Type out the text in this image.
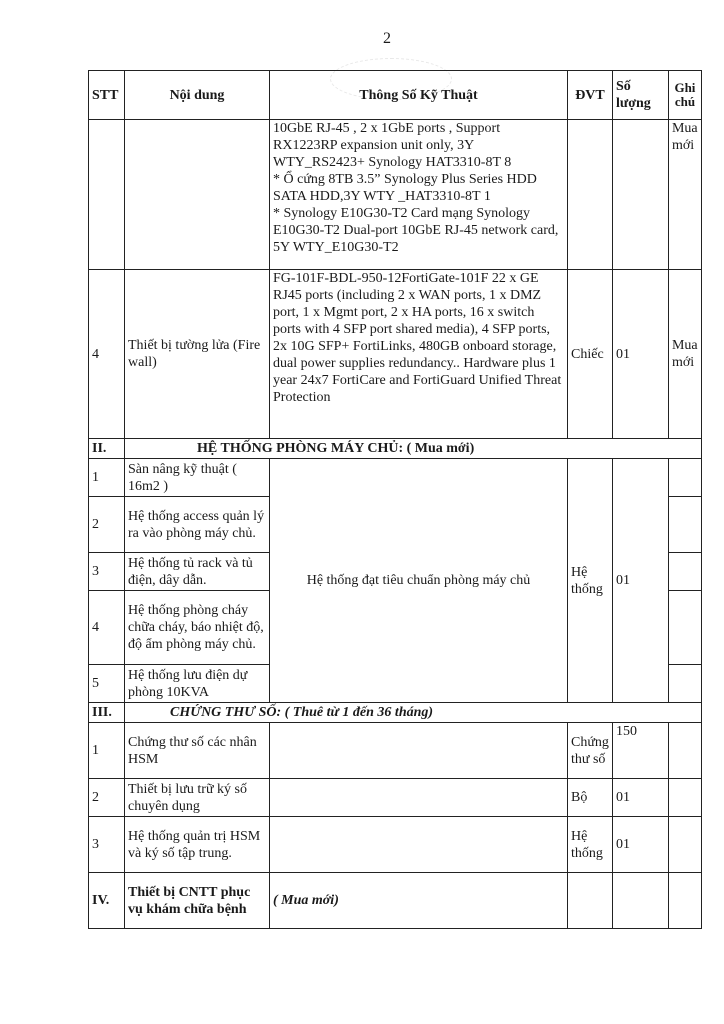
2
STT	Nội dung	Thông Số Kỹ Thuật	ĐVT	Số lượng	Ghi chú
		10GbE RJ-45 , 2 x 1GbE ports , Support RX1223RP expansion unit only, 3Y WTY_RS2423+ Synology HAT3310-8T 8
* Ổ cứng 8TB 3.5” Synology Plus Series HDD SATA HDD,3Y WTY _HAT3310-8T 1
* Synology E10G30-T2 Card mạng Synology E10G30-T2 Dual-port 10GbE RJ-45 network card, 5Y WTY_E10G30-T2			Mua mới
4	Thiết bị tường lửa (Fire wall)	FG-101F-BDL-950-12FortiGate-101F 22 x GE RJ45 ports (including 2 x WAN ports, 1 x DMZ port, 1 x Mgmt port, 2 x HA ports, 16 x switch ports with 4 SFP port shared media), 4 SFP ports, 2x 10G SFP+ FortiLinks, 480GB onboard storage, dual power supplies redundancy.. Hardware plus 1 year 24x7 FortiCare and FortiGuard Unified Threat Protection	Chiếc	01	Mua mới
II.	HỆ THỐNG PHÒNG MÁY CHỦ: ( Mua mới)				
1	Sàn nâng kỹ thuật ( 16m2 )	Hệ thống đạt tiêu chuẩn phòng máy chủ	Hệ thống	01	
2	Hệ thống access quản lý ra vào phòng máy chủ.				
3	Hệ thống tủ rack và tủ điện, dây dẫn.				
4	Hệ thống phòng cháy chữa cháy, báo nhiệt độ, độ ẩm phòng máy chủ.				
5	Hệ thống lưu điện dự phòng 10KVA				
III.	CHỨNG THƯ SỐ: ( Thuê từ 1 đến 36 tháng)				
1	Chứng thư số các nhân HSM		Chứng thư số	150	
2	Thiết bị lưu trữ ký số chuyên dụng		Bộ	01	
3	Hệ thống quản trị HSM và ký số tập trung.		Hệ thống	01	
IV.	Thiết bị CNTT phục vụ khám chữa bệnh	( Mua mới)			
